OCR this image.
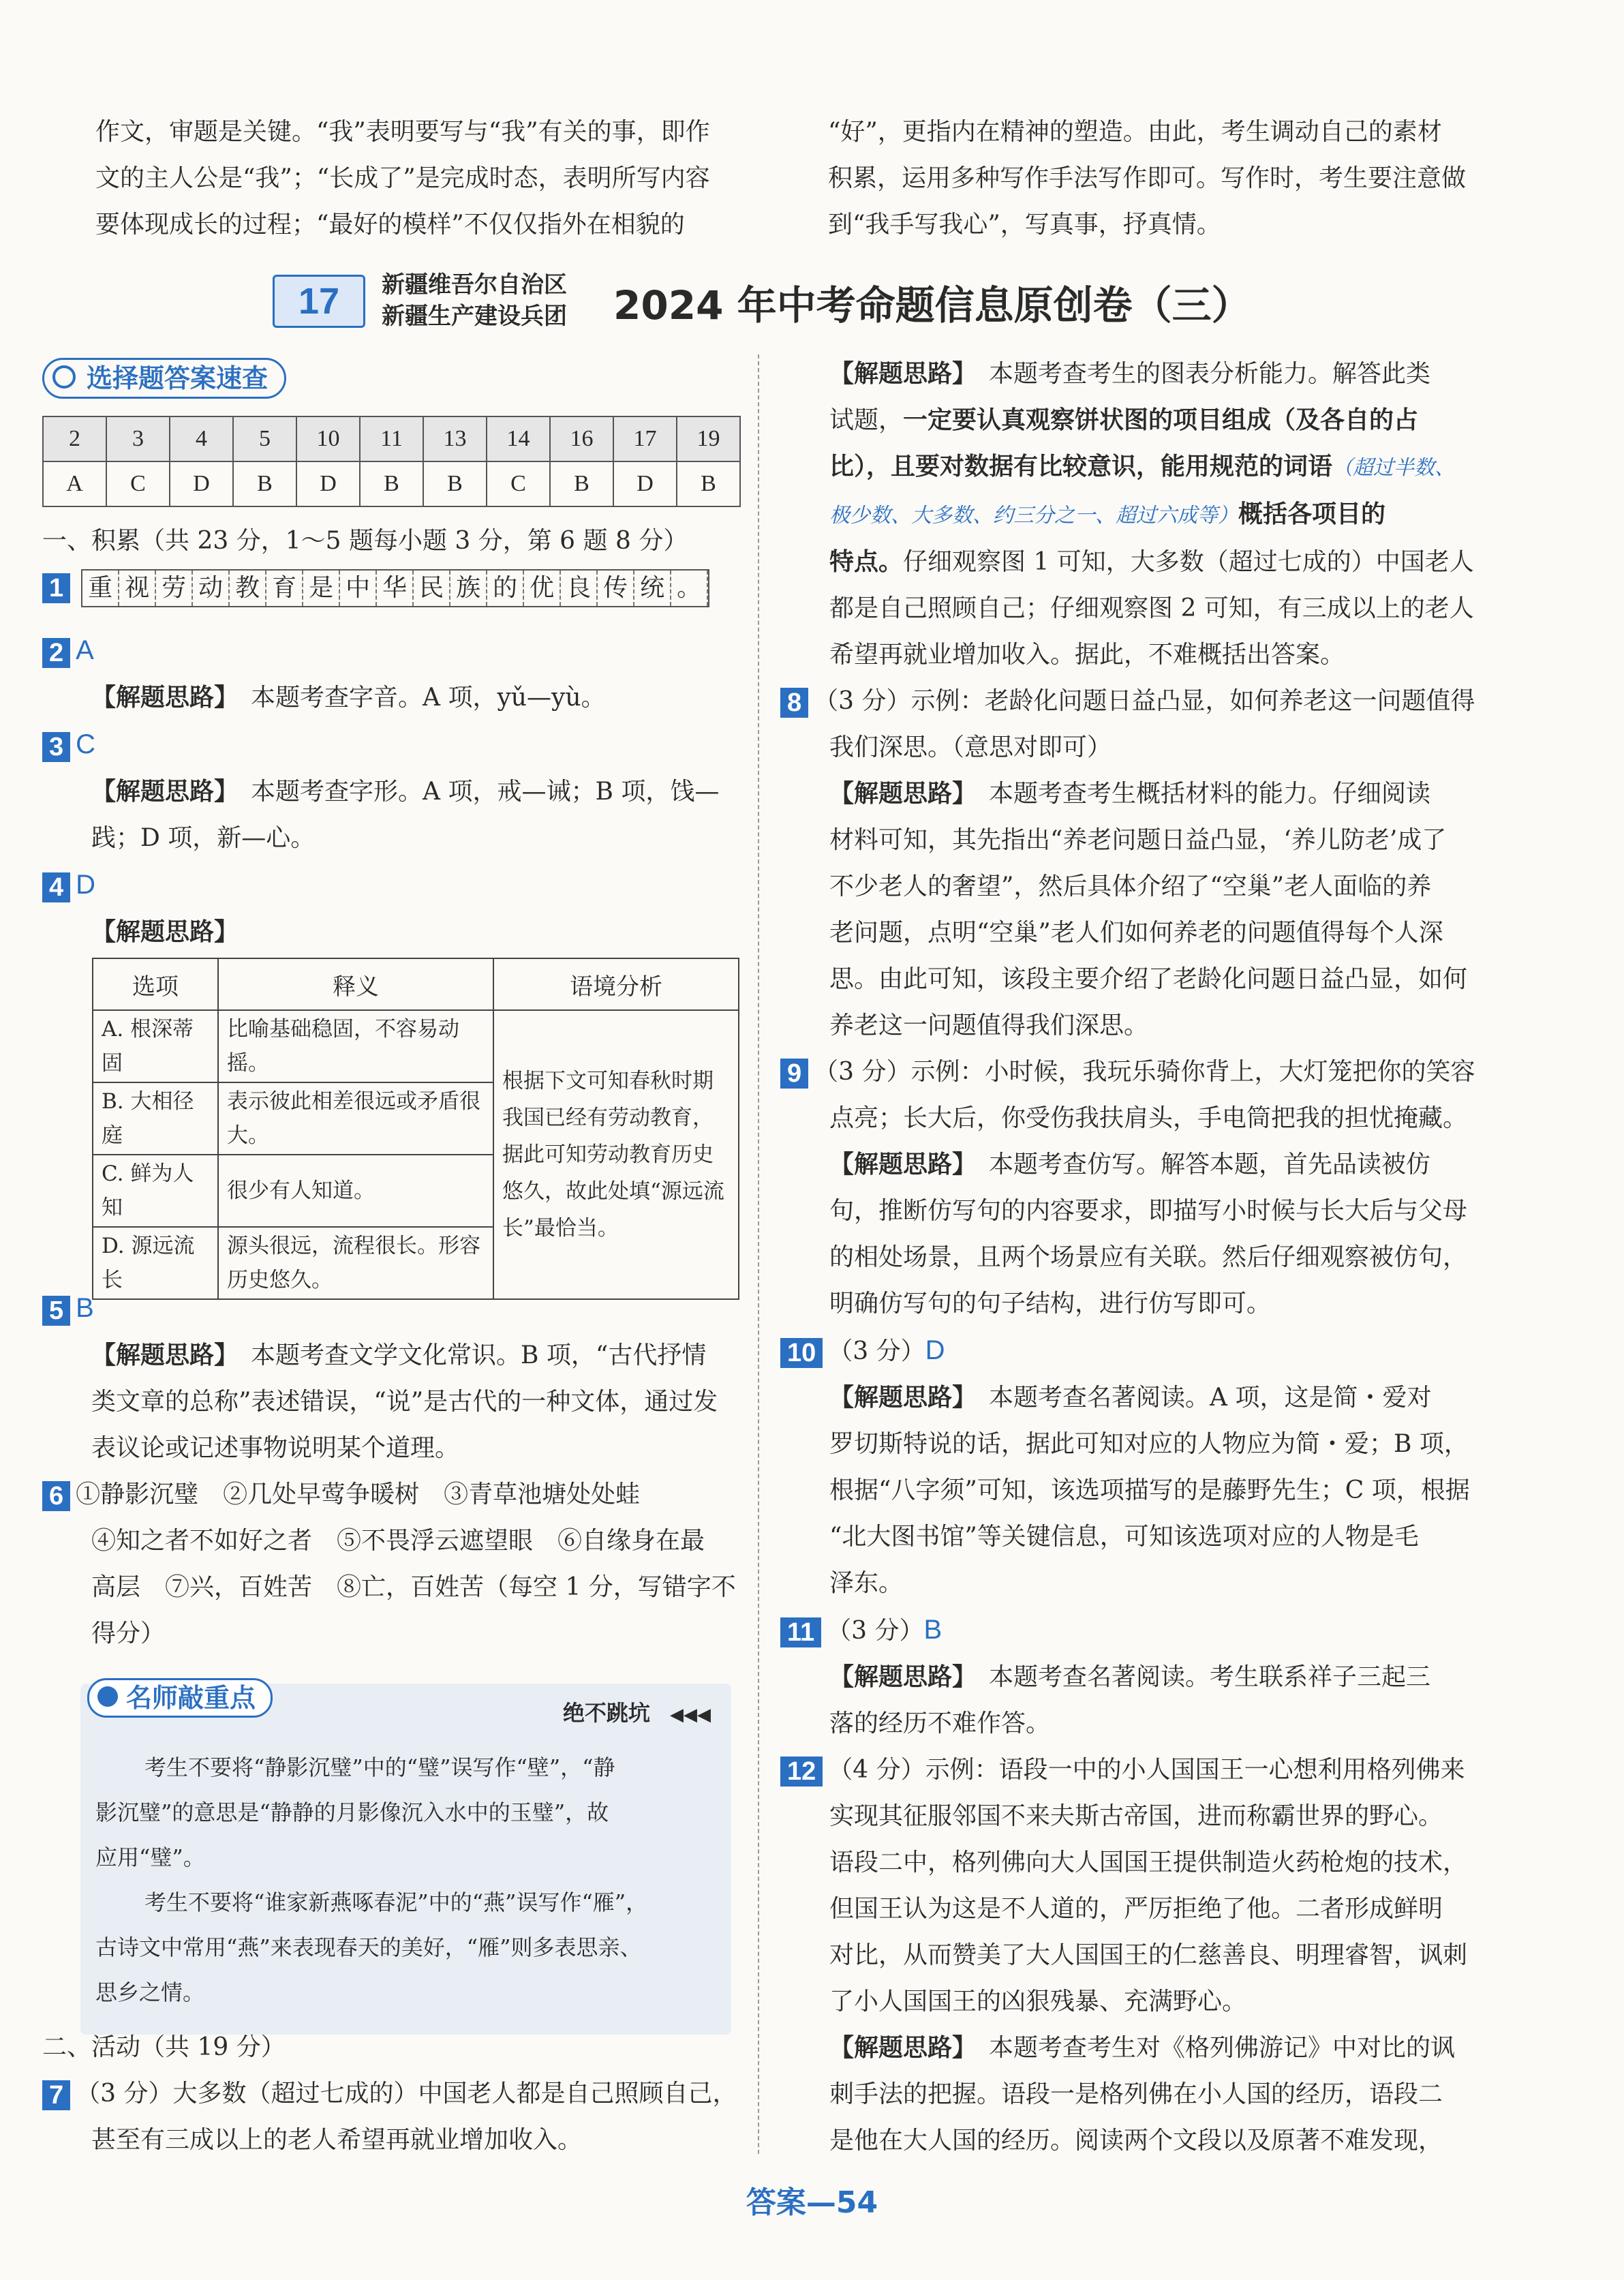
作文，审题是关键。“我”表明要写与“我”有关的事，即作
文的主人公是“我”；“长成了”是完成时态，表明所写内容
要体现成长的过程；“最好的模样”不仅仅指外在相貌的
“好”，更指内在精神的塑造。由此，考生调动自己的素材
积累，运用多种写作手法写作即可。写作时，考生要注意做
到“我手写我心”，写真事，抒真情。
17	新疆维吾尔自治区
新疆生产建设兵团 2024 年中考命题信息原创卷（三）
选择题答案速查
2	3	4	5	10	11	13	14	16	17	19
A	C	D	B	D	B	B	C	B	D	B
一、积累（共 23 分，1～5 题每小题 3 分，第 6 题 8 分）
1 重 视 劳 动 教 育 是 中 华 民 族 的 优 良 传 统 。
2 A
【解题思路】　 本题考查字音。A 项，yǔ—yù。
3 C
【解题思路】　 本题考查字形。A 项，戒—诫；B 项，饯—
践；D 项，新—心。
4 D
【解题思路】
选项	释义	语境分析
A. 根深蒂固	比喻基础稳固，不容易动摇。	根据下文可知春秋时期我国已经有劳动教育，据此可知劳动教育历史悠久，故此处填“源远流长”最恰当。
B. 大相径庭	表示彼此相差很远或矛盾很大。	
C. 鲜为人知	很少有人知道。	
D. 源远流长	源头很远，流程很长。形容历史悠久。	
5 B
【解题思路】　 本题考查文学文化常识。B 项，“古代抒情
类文章的总称”表述错误，“说”是古代的一种文体，通过发
表议论或记述事物说明某个道理。
6 ①静影沉璧　②几处早莺争暖树　③青草池塘处处蛙
④知之者不如好之者　⑤不畏浮云遮望眼　⑥自缘身在最
高层　⑦兴，百姓苦　⑧亡，百姓苦（每空 1 分，写错字不
得分）
名师敲重点	绝不跳坑 ◀◀◀
考生不要将“静影沉璧”中的“璧”误写作“壁”，“静
影沉璧”的意思是“静静的月影像沉入水中的玉璧”，故
应用“璧”。
考生不要将“谁家新燕啄春泥”中的“燕”误写作“雁”，
古诗文中常用“燕”来表现春天的美好，“雁”则多表思亲、
思乡之情。
二、活动（共 19 分）
7 （3 分）大多数（超过七成的）中国老人都是自己照顾自己，
甚至有三成以上的老人希望再就业增加收入。
【解题思路】　 本题考查考生的图表分析能力。解答此类
试题，一定要认真观察饼状图的项目组成（及各自的占
比），且要对数据有比较意识，能用规范的词语（超过半数、
极少数、大多数、约三分之一、超过六成等）概括各项目的
特点。仔细观察图 1 可知，大多数（超过七成的）中国老人
都是自己照顾自己；仔细观察图 2 可知，有三成以上的老人
希望再就业增加收入。据此，不难概括出答案。
8 （3 分）示例：老龄化问题日益凸显，如何养老这一问题值得
我们深思。（意思对即可）
【解题思路】　 本题考查考生概括材料的能力。仔细阅读
材料可知，其先指出“养老问题日益凸显，‘养儿防老’成了
不少老人的奢望”，然后具体介绍了“空巢”老人面临的养
老问题，点明“空巢”老人们如何养老的问题值得每个人深
思。由此可知，该段主要介绍了老龄化问题日益凸显，如何
养老这一问题值得我们深思。
9 （3 分）示例：小时候，我玩乐骑你背上，大灯笼把你的笑容
点亮；长大后，你受伤我扶肩头，手电筒把我的担忧掩藏。
【解题思路】　 本题考查仿写。解答本题，首先品读被仿
句，推断仿写句的内容要求，即描写小时候与长大后与父母
的相处场景，且两个场景应有关联。然后仔细观察被仿句，
明确仿写句的句子结构，进行仿写即可。
10 （3 分）D
【解题思路】　 本题考查名著阅读。A 项，这是简・爱对
罗切斯特说的话，据此可知对应的人物应为简・爱；B 项，
根据“八字须”可知，该选项描写的是藤野先生；C 项，根据
“北大图书馆”等关键信息，可知该选项对应的人物是毛
泽东。
11 （3 分）B
【解题思路】　 本题考查名著阅读。考生联系祥子三起三
落的经历不难作答。
12 （4 分）示例：语段一中的小人国国王一心想利用格列佛来
实现其征服邻国不来夫斯古帝国，进而称霸世界的野心。
语段二中，格列佛向大人国国王提供制造火药枪炮的技术，
但国王认为这是不人道的，严厉拒绝了他。二者形成鲜明
对比，从而赞美了大人国国王的仁慈善良、明理睿智，讽刺
了小人国国王的凶狠残暴、充满野心。
【解题思路】　 本题考查考生对《格列佛游记》中对比的讽
刺手法的把握。语段一是格列佛在小人国的经历，语段二
是他在大人国的经历。阅读两个文段以及原著不难发现，
答案—54
